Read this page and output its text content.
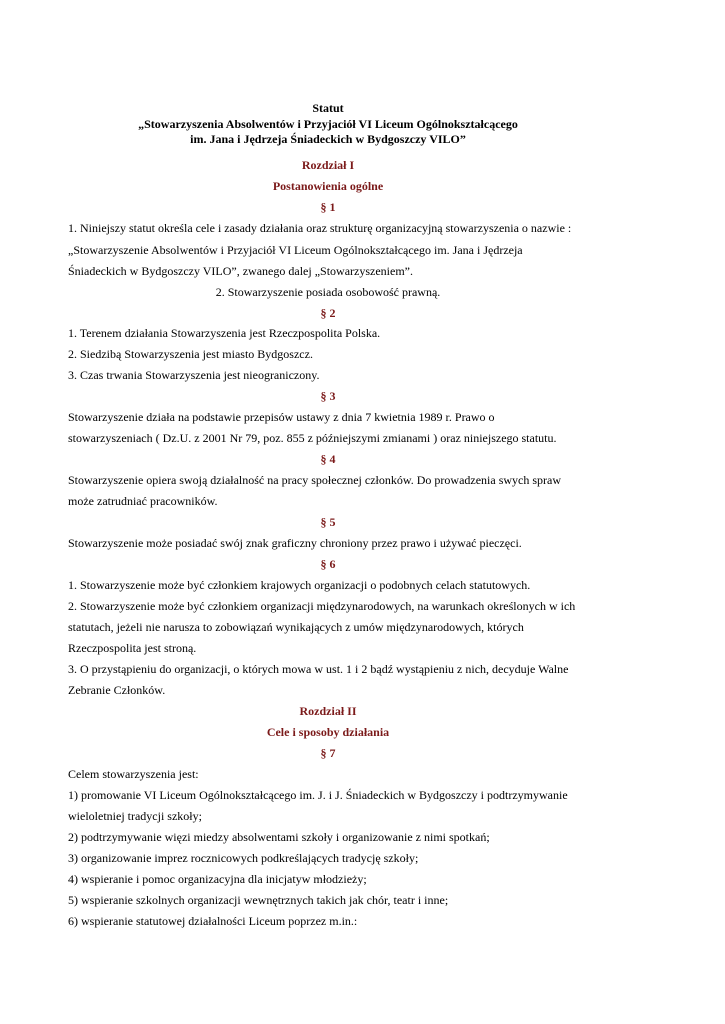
Statut
„Stowarzyszenia Absolwentów i Przyjaciół VI Liceum Ogólnokształcącego
im. Jana i Jędrzeja Śniadeckich w Bydgoszczy VILO”
Rozdział I
Postanowienia ogólne
§ 1
1. Niniejszy statut określa cele i zasady działania oraz strukturę organizacyjną stowarzyszenia o nazwie :
„Stowarzyszenie Absolwentów i Przyjaciół VI Liceum Ogólnokształcącego im. Jana i Jędrzeja
Śniadeckich w Bydgoszczy VILO”, zwanego dalej „Stowarzyszeniem”.
2. Stowarzyszenie posiada osobowość prawną.
§ 2
1. Terenem działania Stowarzyszenia jest Rzeczpospolita Polska.
2. Siedzibą Stowarzyszenia jest miasto Bydgoszcz.
3. Czas trwania Stowarzyszenia jest nieograniczony.
§ 3
Stowarzyszenie działa na podstawie przepisów ustawy z dnia 7 kwietnia 1989 r. Prawo o
stowarzyszeniach ( Dz.U. z 2001 Nr 79, poz. 855 z późniejszymi zmianami ) oraz niniejszego statutu.
§ 4
Stowarzyszenie opiera swoją działalność na pracy społecznej członków. Do prowadzenia swych spraw
może zatrudniać pracowników.
§ 5
Stowarzyszenie może posiadać swój znak graficzny chroniony przez prawo i używać pieczęci.
§ 6
1. Stowarzyszenie może być członkiem krajowych organizacji o podobnych celach statutowych.
2. Stowarzyszenie może być członkiem organizacji międzynarodowych, na warunkach określonych w ich
statutach, jeżeli nie narusza to zobowiązań wynikających z umów międzynarodowych, których
Rzeczpospolita jest stroną.
3. O przystąpieniu do organizacji, o których mowa w ust. 1 i 2 bądź wystąpieniu z nich, decyduje Walne
Zebranie Członków.
Rozdział II
Cele i sposoby działania
§ 7
Celem stowarzyszenia jest:
1) promowanie VI Liceum Ogólnokształcącego im. J. i J. Śniadeckich w Bydgoszczy i podtrzymywanie
wieloletniej tradycji szkoły;
2) podtrzymywanie więzi miedzy absolwentami szkoły i organizowanie z nimi spotkań;
3) organizowanie imprez rocznicowych podkreślających tradycję szkoły;
4) wspieranie i pomoc organizacyjna dla inicjatyw młodzieży;
5) wspieranie szkolnych organizacji wewnętrznych takich jak chór, teatr i inne;
6) wspieranie statutowej działalności Liceum poprzez m.in.:
